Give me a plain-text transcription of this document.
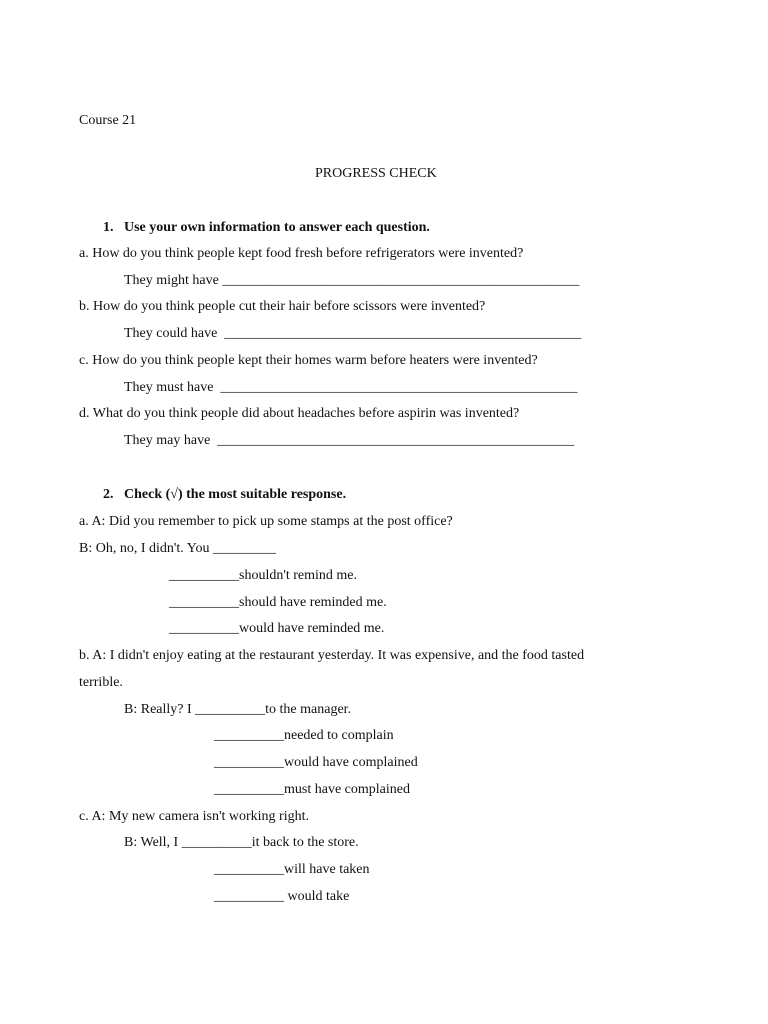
Course 21
PROGRESS CHECK
1.   Use your own information to answer each question.
a. How do you think people kept food fresh before refrigerators were invented?
They might have ___________________________________________________
b. How do you think people cut their hair before scissors were invented?
They could have  ___________________________________________________
c. How do you think people kept their homes warm before heaters were invented?
They must have  ___________________________________________________
d. What do you think people did about headaches before aspirin was invented?
They may have  ___________________________________________________
2.   Check (√) the most suitable response.
a. A: Did you remember to pick up some stamps at the post office?
B: Oh, no, I didn't. You _________
__________shouldn't remind me.
__________should have reminded me.
__________would have reminded me.
b. A: I didn't enjoy eating at the restaurant yesterday. It was expensive, and the food tasted
terrible.
B: Really? I __________to the manager.
__________needed to complain
__________would have complained
__________must have complained
c. A: My new camera isn't working right.
B: Well, I __________it back to the store.
__________will have taken
__________ would take
